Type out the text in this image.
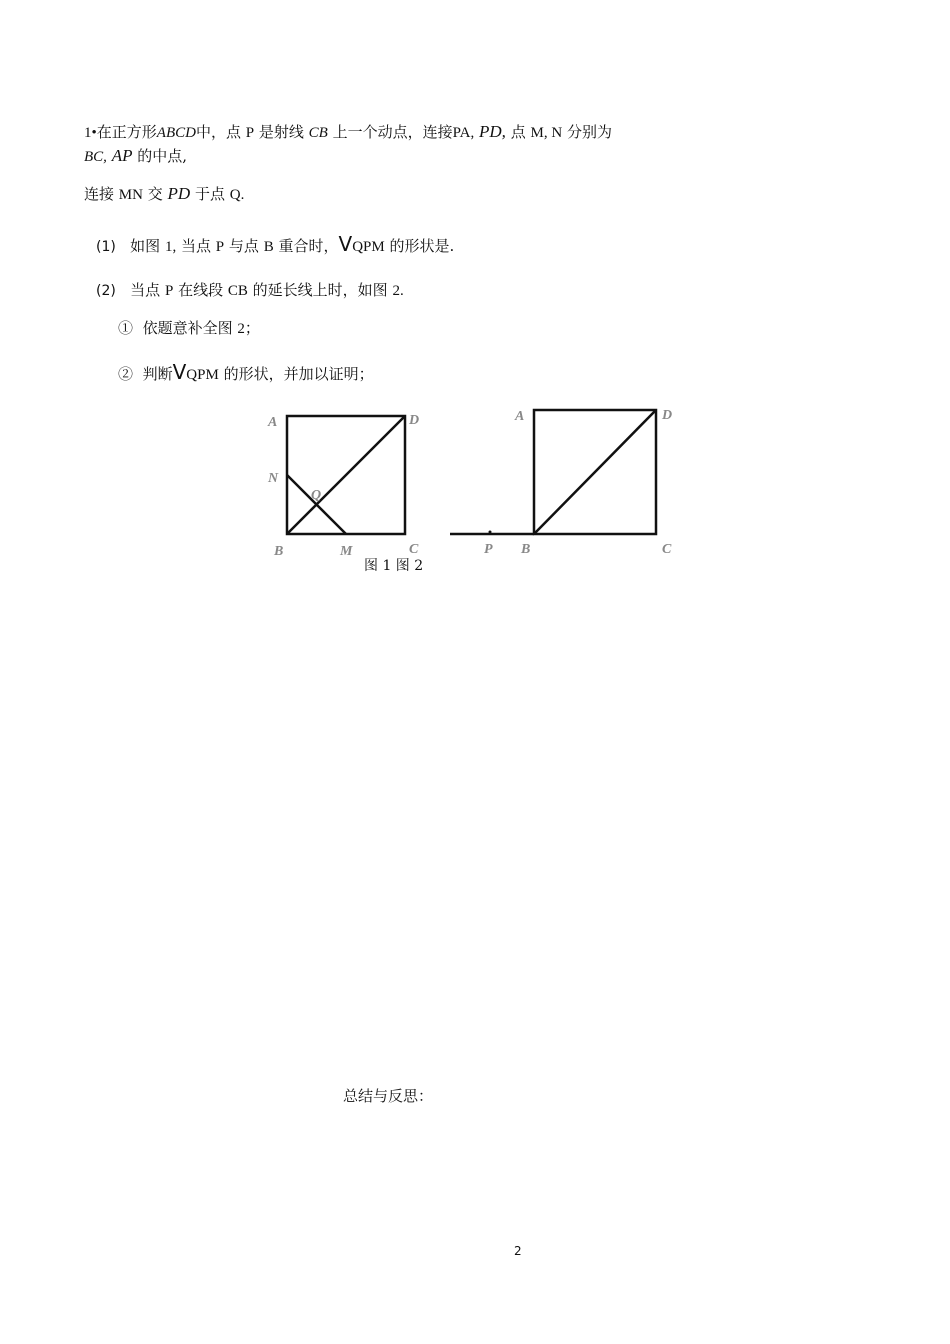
1•在正方形ABCD中，点 P 是射线 CB 上一个动点，连接PA, PD, 点 M, N 分别为
BC, AP 的中点,
连接 MN 交 PD 于点 Q.
(1) 如图 1, 当点 P 与点 B 重合时，VQPM 的形状是.
(2) 当点 P 在线段 CB 的延长线上时，如图 2.
① 依题意补全图 2；
② 判断VQPM 的形状，并加以证明；
A	D
N
Q
B	M	C
A	D
P B	C
图 1 图 2
总结与反思：
2
